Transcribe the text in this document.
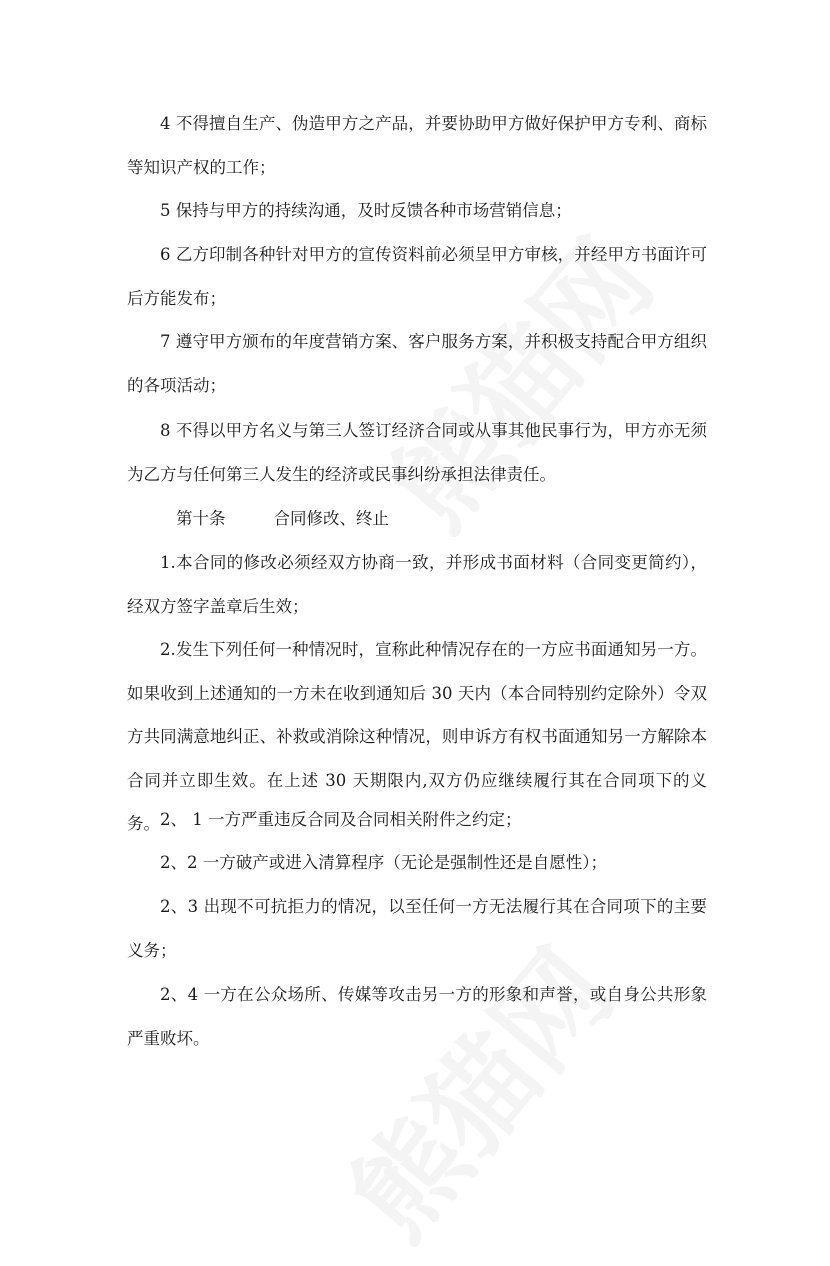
4 不得擅自生产、伪造甲方之产品，并要协助甲方做好保护甲方专利、商标等知识产权的工作；

5 保持与甲方的持续沟通，及时反馈各种市场营销信息；

6 乙方印制各种针对甲方的宣传资料前必须呈甲方审核，并经甲方书面许可后方能发布；

7 遵守甲方颁布的年度营销方案、客户服务方案，并积极支持配合甲方组织的各项活动；

8 不得以甲方名义与第三人签订经济合同或从事其他民事行为，甲方亦无须为乙方与任何第三人发生的经济或民事纠纷承担法律责任。

第十条	合同修改、终止

1.本合同的修改必须经双方协商一致，并形成书面材料（合同变更简约），经双方签字盖章后生效；

2.发生下列任何一种情况时，宣称此种情况存在的一方应书面通知另一方。如果收到上述通知的一方未在收到通知后 30 天内（本合同特别约定除外）令双方共同满意地纠正、补救或消除这种情况，则申诉方有权书面通知另一方解除本合同并立即生效。在上述 30 天期限内,双方仍应继续履行其在合同项下的义务。 2、 1 一方严重违反合同及合同相关附件之约定；

2、2 一方破产或进入清算程序（无论是强制性还是自愿性）；

2、3 出现不可抗拒力的情况，以至任何一方无法履行其在合同项下的主要义务；

2、4 一方在公众场所、传媒等攻击另一方的形象和声誉，或自身公共形象严重败坏。
